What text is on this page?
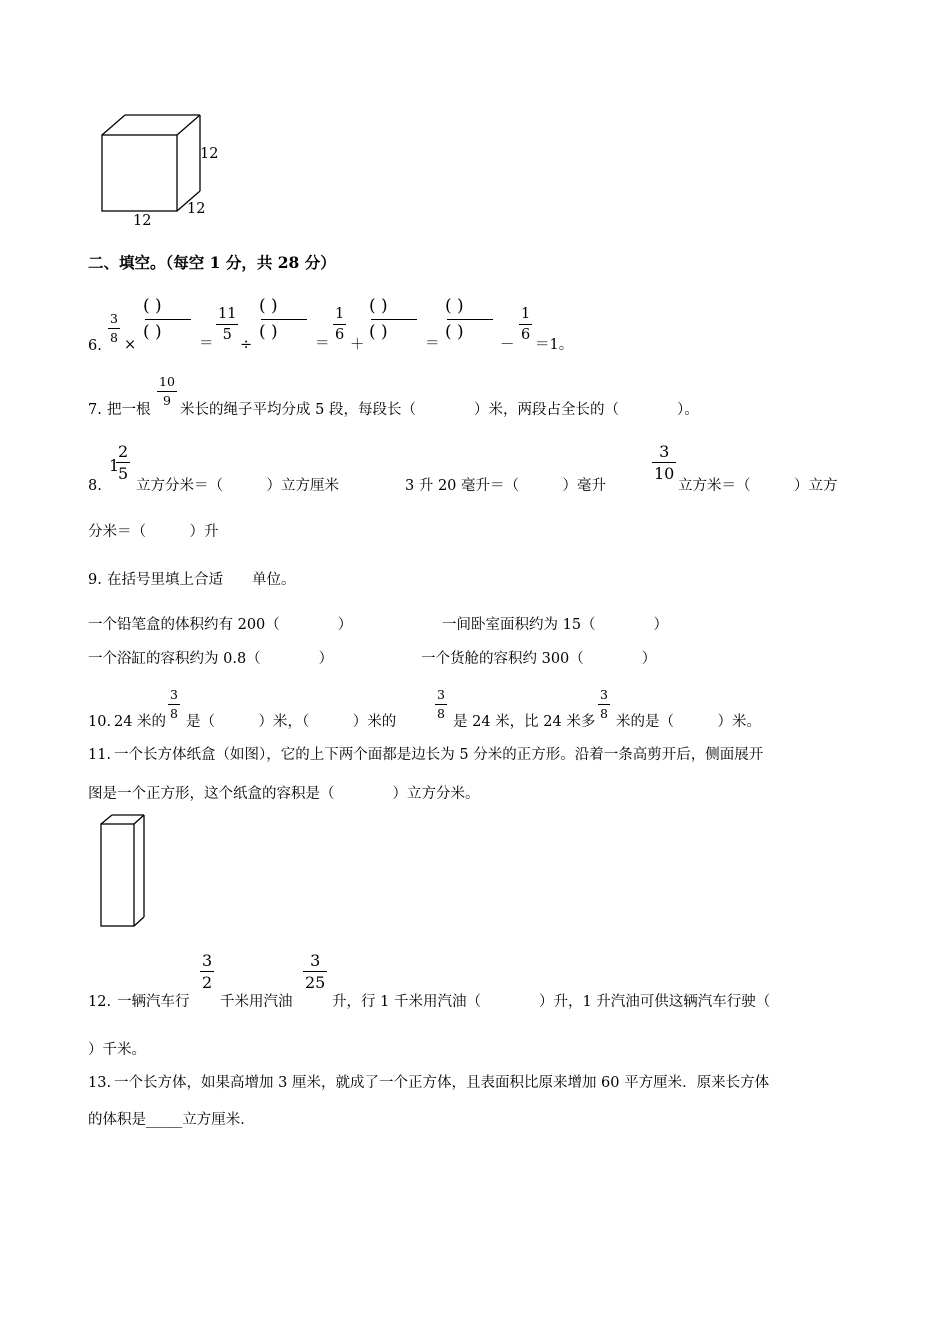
12
12
12
二、填空。（每空 1 分，共 28 分）
6.
$\frac{3}{8}$
×
( )
( )
＝
$\frac{11}{5}$
÷
( )
( )
＝
$\frac{1}{6}$
＋
( )
( )
＝
( )
( )
－
$\frac{1}{6}$
＝1。
7. 把一根
$\frac{10}{9}$
米长的绳子平均分成 5 段，每段长（　　　　）米，两段占全长的（　　　　）。
8.
1
$\frac{2}{5}$
立方分米＝（　　　）立方厘米	3 升 20 毫升＝（　　　）毫升
$\frac{3}{10}$
立方米＝（　　　）立方
分米＝（　　　）升
9. 在括号里填上合适　　单位。
一个铅笔盒的体积约有 200（　　　　）	一间卧室面积约为 15（　　　　）
一个浴缸的容积约为 0.8（　　　　）	一个货舱的容积约 300（　　　　）
10. 24 米的
$\frac{3}{8}$
是（　　　）米，（　　　）米的
$\frac{3}{8}$
是 24 米，比 24 米多
$\frac{3}{8}$
米的是（　　　）米。
11. 一个长方体纸盒（如图），它的上下两个面都是边长为 5 分米的正方形。沿着一条高剪开后，侧面展开
图是一个正方形，这个纸盒的容积是（　　　　）立方分米。
12. 一辆汽车行
$\frac{3}{2}$
千米用汽油
$\frac{3}{25}$
升，行 1 千米用汽油（　　　　）升，1 升汽油可供这辆汽车行驶（
）千米。
13. 一个长方体，如果高增加 3 厘米，就成了一个正方体，且表面积比原来增加 60 平方厘米．原来长方体
的体积是_____立方厘米．
